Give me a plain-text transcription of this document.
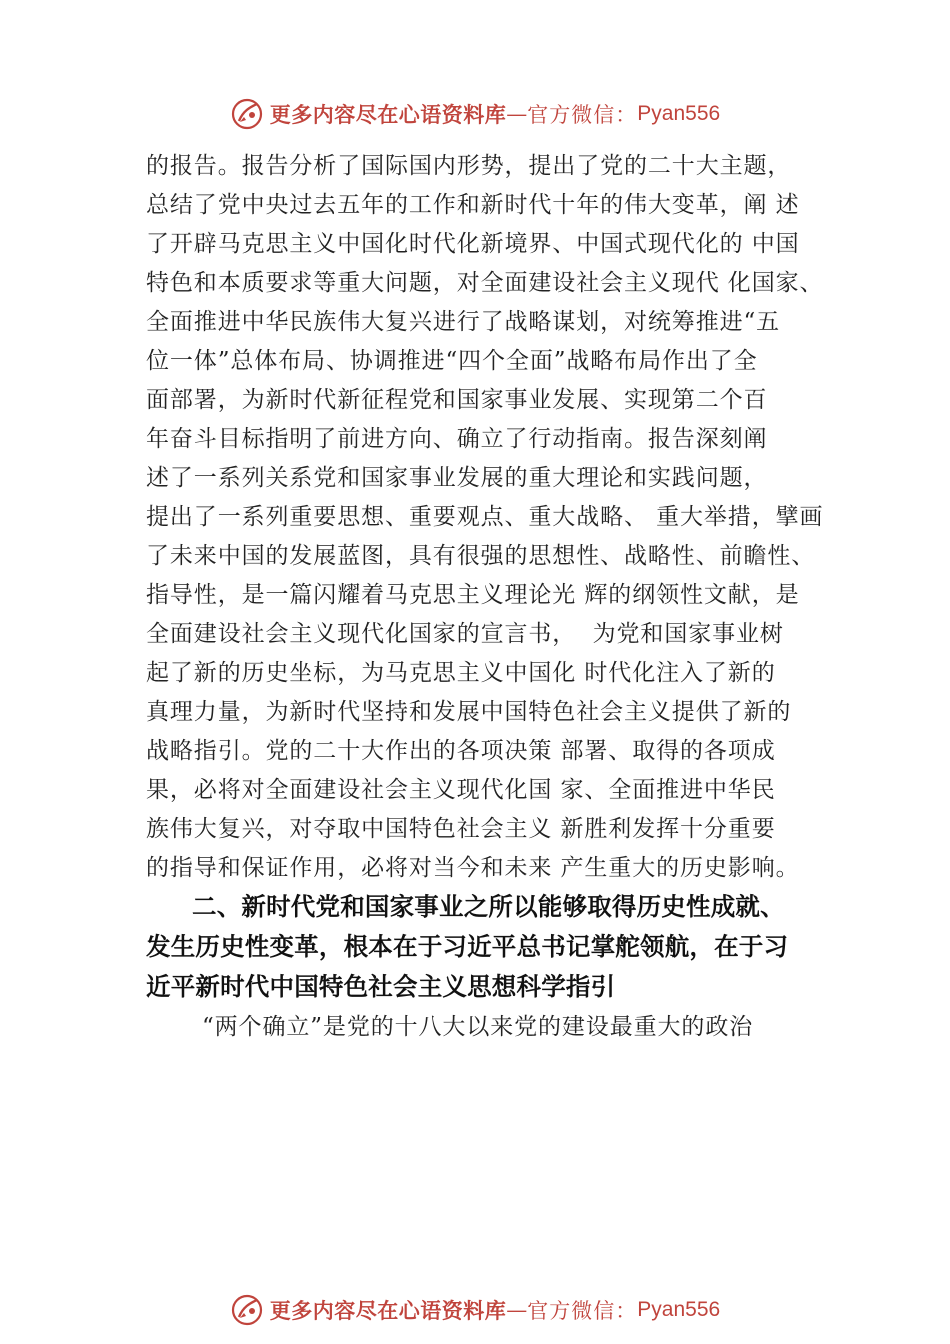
更多内容尽在心语资料库 — 官方微信： Pyan556
的报告。报告分析了国际国内形势，提出了党的二十大主题，
总结了党中央过去五年的工作和新时代十年的伟大变革，阐 述
了开辟马克思主义中国化时代化新境界、中国式现代化的 中国
特色和本质要求等重大问题，对全面建设社会主义现代 化国家、
全面推进中华民族伟大复兴进行了战略谋划，对统筹推进“五
位一体”总体布局、协调推进“四个全面”战略布局作出了全
面部署，为新时代新征程党和国家事业发展、实现第二个百
年奋斗目标指明了前进方向、确立了行动指南。报告深刻阐
述了一系列关系党和国家事业发展的重大理论和实践问题，
提出了一系列重要思想、重要观点、重大战略、 重大举措，擘画
了未来中国的发展蓝图，具有很强的思想性、战略性、前瞻性、
指导性，是一篇闪耀着马克思主义理论光 辉的纲领性文献，是
全面建设社会主义现代化国家的宣言书，  为党和国家事业树
起了新的历史坐标，为马克思主义中国化 时代化注入了新的
真理力量，为新时代坚持和发展中国特色社会主义提供了新的
战略指引。党的二十大作出的各项决策 部署、取得的各项成
果，必将对全面建设社会主义现代化国 家、全面推进中华民
族伟大复兴，对夺取中国特色社会主义 新胜利发挥十分重要
的指导和保证作用，必将对当今和未来 产生重大的历史影响。
二、新时代党和国家事业之所以能够取得历史性成就、
发生历史性变革，根本在于习近平总书记掌舵领航，在于习
近平新时代中国特色社会主义思想科学指引
“两个确立”是党的十八大以来党的建设最重大的政治
更多内容尽在心语资料库 — 官方微信： Pyan556
